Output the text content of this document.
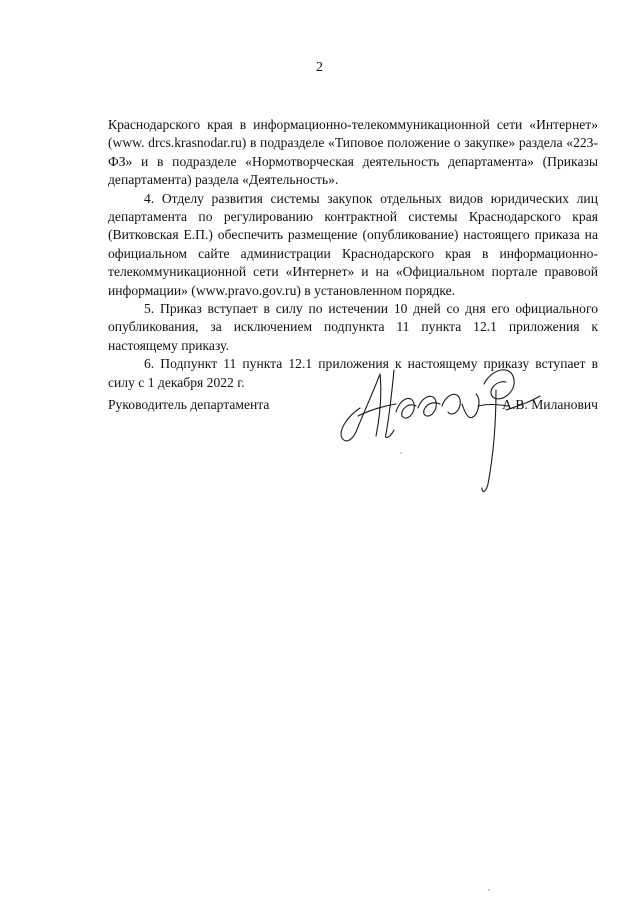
2

Краснодарского края в информационно-телекоммуникационной сети «Интернет» (www. drcs.krasnodar.ru) в подразделе «Типовое положение о закупке» раздела «223-ФЗ» и в подразделе «Нормотворческая деятельность департамента» (Приказы департамента) раздела «Деятельность».

4. Отделу развития системы закупок отдельных видов юридических лиц департамента по регулированию контрактной системы Краснодарского края (Витковская Е.П.) обеспечить размещение (опубликование) настоящего приказа на официальном сайте администрации Краснодарского края в информационно-телекоммуникационной сети «Интернет» и на «Официальном портале правовой информации» (www.pravo.gov.ru) в установленном порядке.

5. Приказ вступает в силу по истечении 10 дней со дня его официального опубликования, за исключением подпункта 11 пункта 12.1 приложения к настоящему приказу.

6. Подпункт 11 пункта 12.1 приложения к настоящему приказу вступает в силу с 1 декабря 2022 г.

Руководитель департамента	А.В. Миланович
